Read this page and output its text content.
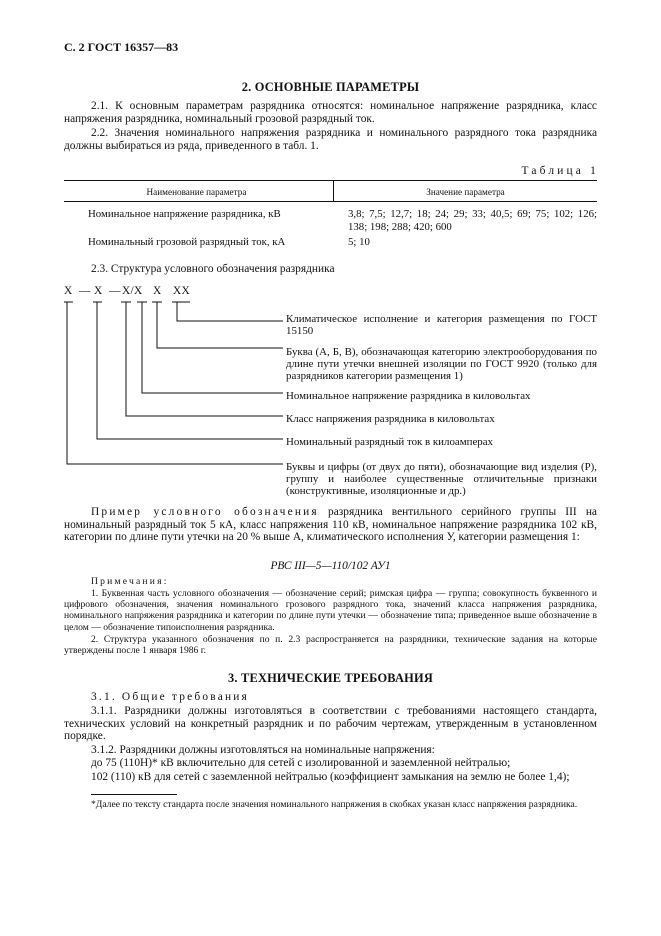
С. 2 ГОСТ 16357—83
2. ОСНОВНЫЕ ПАРАМЕТРЫ
2.1. К основным параметрам разрядника относятся: номинальное напряжение разрядника, класс напряжения разрядника, номинальный грозовой разрядный ток.
2.2. Значения номинального напряжения разрядника и номинального разрядного тока разрядника должны выбираться из ряда, приведенного в табл. 1.
Таблица 1
Наименование параметра	Значение параметра
Номинальное напряжение разрядника, кВ	3,8; 7,5; 12,7; 18; 24; 29; 33; 40,5; 69; 75; 102; 126; 138; 198; 288; 420; 600
Номинальный грозовой разрядный ток, кА	5; 10
2.3. Структура условного обозначения разрядника
Х — Х — Х/Х Х ХХ
Климатическое исполнение и категория размещения по ГОСТ 15150
Буква (А, Б, В), обозначающая категорию электрооборудования по длине пути утечки внешней изоляции по ГОСТ 9920 (только для разрядников категории размещения 1)
Номинальное напряжение разрядника в киловольтах
Класс напряжения разрядника в киловольтах
Номинальный разрядный ток в килоамперах
Буквы и цифры (от двух до пяти), обозначающие вид изделия (Р), группу и наиболее существенные отличительные признаки (конструктивные, изоляционные и др.)
Пример условного обозначения разрядника вентильного серийного группы III на номинальный разрядный ток 5 кА, класс напряжения 110 кВ, номинальное напряжение разрядника 102 кВ, категории по длине пути утечки на 20 % выше А, климатического исполнения У, категории размещения 1:
РВС III—5—110/102 АУ1
Примечания:
1. Буквенная часть условного обозначения — обозначение серий; римская цифра — группа; совокупность буквенного и цифрового обозначения, значения номинального грозового разрядного тока, значений класса напряжения разрядника, номинального напряжения разрядника и категории по длине пути утечки — обозначение типа; приведенное выше обозначение в целом — обозначение типоисполнения разрядника.
2. Структура указанного обозначения по п. 2.3 распространяется на разрядники, технические задания на которые утверждены после 1 января 1986 г.
3. ТЕХНИЧЕСКИЕ ТРЕБОВАНИЯ
3.1. Общие требования
3.1.1. Разрядники должны изготовляться в соответствии с требованиями настоящего стандарта, технических условий на конкретный разрядник и по рабочим чертежам, утвержденным в установленном порядке.
3.1.2. Разрядники должны изготовляться на номинальные напряжения:
до 75 (110Н)* кВ включительно для сетей с изолированной и заземленной нейтралью;
102 (110) кВ для сетей с заземленной нейтралью (коэффициент замыкания на землю не более 1,4);
*Далее по тексту стандарта после значения номинального напряжения в скобках указан класс напряжения разрядника.
